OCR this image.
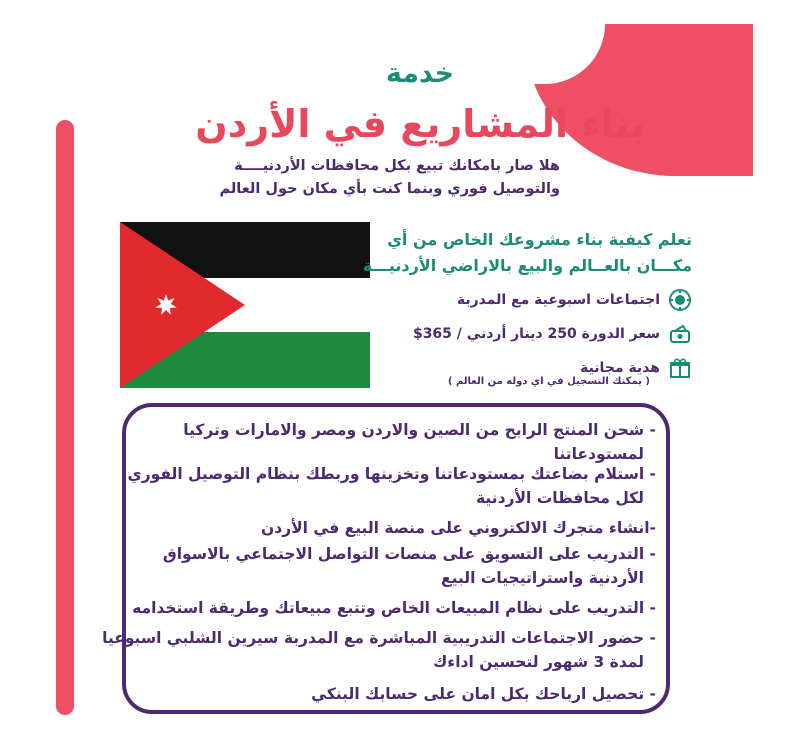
خدمة
بناء المشاريع في الأردن
هلا صار بامكانك تبيع بكل محافظات الأردنيــــة
والتوصيل فوري وبنما كنت بأي مكان حول العالم
تعلم كيفية بناء مشروعك الخاص من أي
مكـــان بالعــالم والبيع بالاراضي الأردنيـــة
اجتماعات اسبوعية مع المدربة
سعر الدورة 250 دينار أردني / 365$
هدية مجانية
( يمكنك التسجيل في اي دوله من العالم )
- شحن المنتج الرابح من الصين والاردن ومصر والامارات وتركيا
لمستودعاتنا
- استلام بضاعتك بمستودعاتنا وتخزينها وربطك بنظام التوصيل الفوري
لكل محافظات الأردنية
-انشاء متجرك الالكتروني على منصة البيع في الأردن
- التدريب على التسويق على منصات التواصل الاجتماعي بالاسواق
الأردنية واستراتيجيات البيع
- التدريب على نظام المبيعات الخاص وتتبع مبيعاتك وطريقة استخدامه
- حضور الاجتماعات التدريبية المباشرة مع المدربة سيرين الشلبي اسبوعيا
لمدة 3 شهور لتحسين اداءك
- تحصيل ارباحك بكل امان على حسابك البنكي
